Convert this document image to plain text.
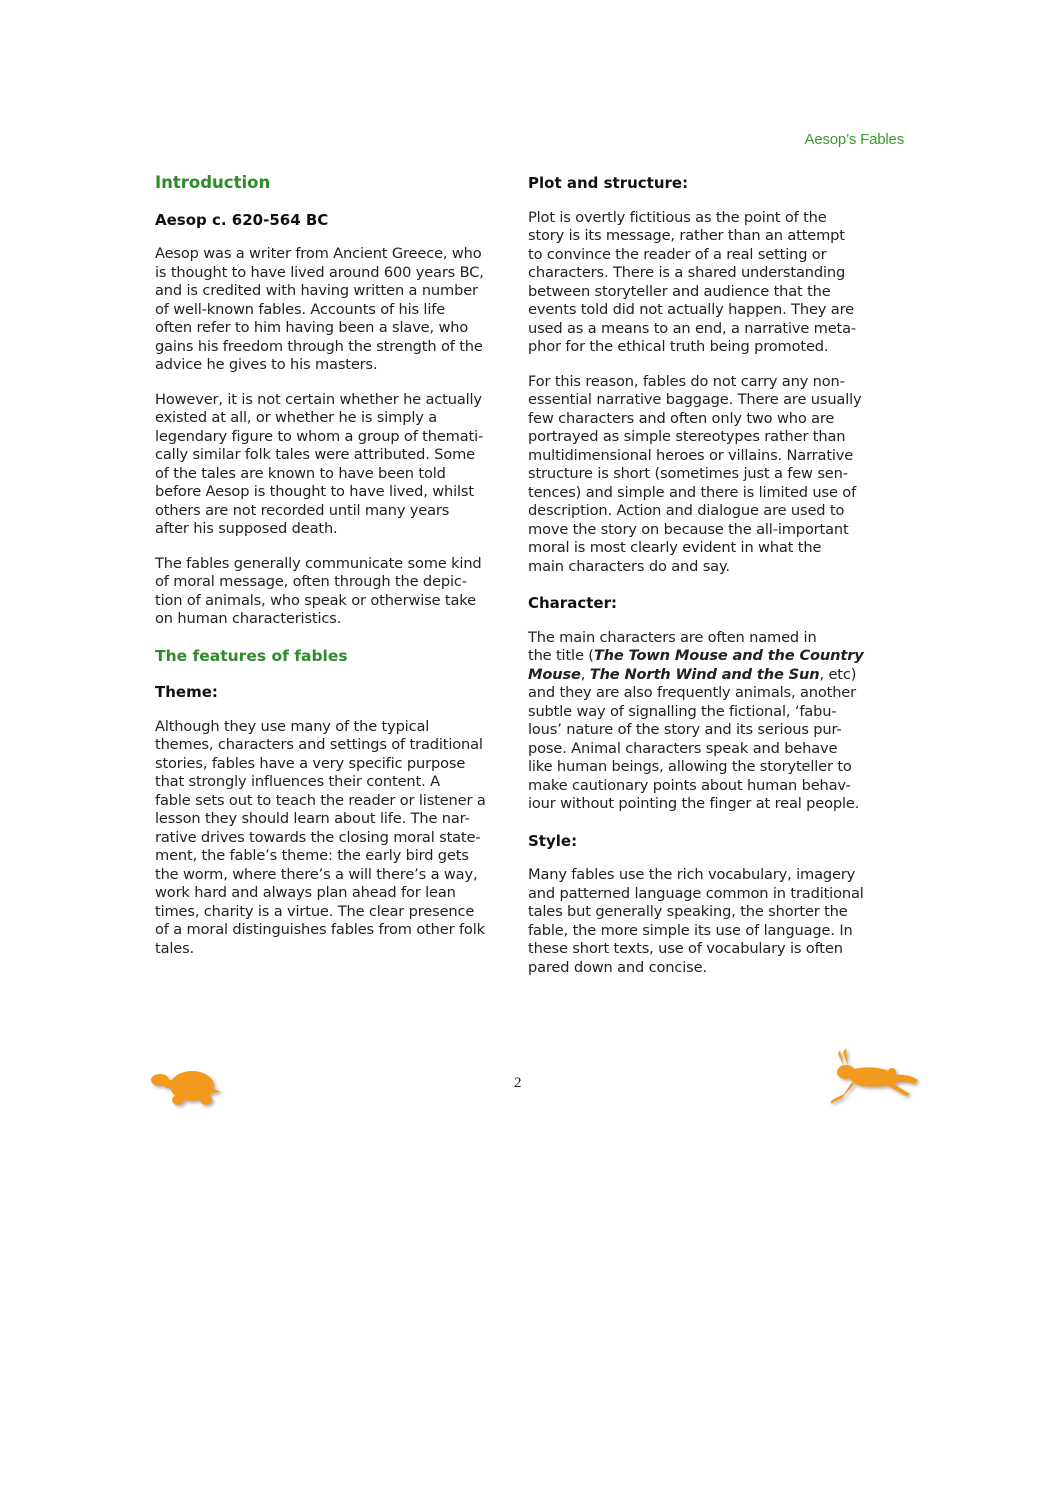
Aesop’s Fables
Introduction
Aesop c. 620-564 BC

Aesop was a writer from Ancient Greece, who
is thought to have lived around 600 years BC,
and is credited with having written a number
of well-known fables. Accounts of his life
often refer to him having been a slave, who
gains his freedom through the strength of the
advice he gives to his masters.

However, it is not certain whether he actually
existed at all, or whether he is simply a
legendary figure to whom a group of themati-
cally similar folk tales were attributed. Some
of the tales are known to have been told
before Aesop is thought to have lived, whilst
others are not recorded until many years
after his supposed death.

The fables generally communicate some kind
of moral message, often through the depic-
tion of animals, who speak or otherwise take
on human characteristics.

The features of fables
Theme:

Although they use many of the typical
themes, characters and settings of traditional
stories, fables have a very specific purpose
that strongly influences their content. A
fable sets out to teach the reader or listener a
lesson they should learn about life. The nar-
rative drives towards the closing moral state-
ment, the fable’s theme: the early bird gets
the worm, where there’s a will there’s a way,
work hard and always plan ahead for lean
times, charity is a virtue. The clear presence
of a moral distinguishes fables from other folk
tales.

Plot and structure:

Plot is overtly fictitious as the point of the
story is its message, rather than an attempt
to convince the reader of a real setting or
characters. There is a shared understanding
between storyteller and audience that the
events told did not actually happen. They are
used as a means to an end, a narrative meta-
phor for the ethical truth being promoted.

For this reason, fables do not carry any non-
essential narrative baggage. There are usually
few characters and often only two who are
portrayed as simple stereotypes rather than
multidimensional heroes or villains. Narrative
structure is short (sometimes just a few sen-
tences) and simple and there is limited use of
description. Action and dialogue are used to
move the story on because the all-important
moral is most clearly evident in what the
main characters do and say.

Character:

The main characters are often named in
the title (The Town Mouse and the Country
Mouse, The North Wind and the Sun, etc)
and they are also frequently animals, another
subtle way of signalling the fictional, ‘fabu-
lous’ nature of the story and its serious pur-
pose. Animal characters speak and behave
like human beings, allowing the storyteller to
make cautionary points about human behav-
iour without pointing the finger at real people.

Style:

Many fables use the rich vocabulary, imagery
and patterned language common in traditional
tales but generally speaking, the shorter the
fable, the more simple its use of language. In
these short texts, use of vocabulary is often
pared down and concise.

2
